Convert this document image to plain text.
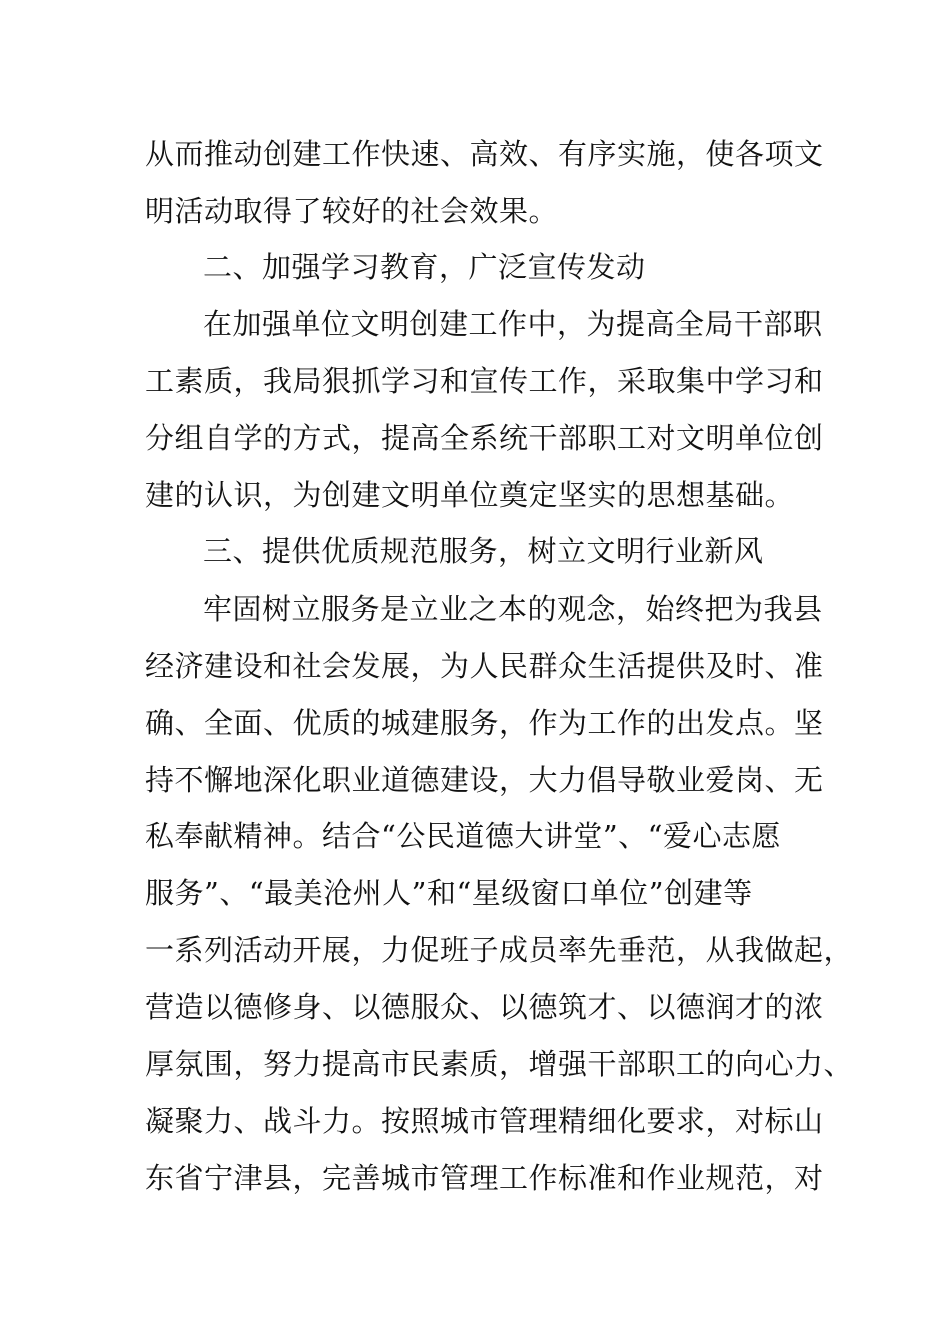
从而推动创建工作快速、高效、有序实施，使各项文
明活动取得了较好的社会效果。
二、加强学习教育，广泛宣传发动
在加强单位文明创建工作中，为提高全局干部职
工素质，我局狠抓学习和宣传工作，采取集中学习和
分组自学的方式，提高全系统干部职工对文明单位创
建的认识，为创建文明单位奠定坚实的思想基础。
三、提供优质规范服务，树立文明行业新风
牢固树立服务是立业之本的观念，始终把为我县
经济建设和社会发展，为人民群众生活提供及时、准
确、全面、优质的城建服务，作为工作的出发点。坚
持不懈地深化职业道德建设，大力倡导敬业爱岗、无
私奉献精神。结合“公民道德大讲堂”、“爱心志愿
服务”、“最美沧州人”和“星级窗口单位”创建等
一系列活动开展，力促班子成员率先垂范，从我做起，
营造以德修身、以德服众、以德筑才、以德润才的浓
厚氛围，努力提高市民素质，增强干部职工的向心力、
凝聚力、战斗力。按照城市管理精细化要求，对标山
东省宁津县，完善城市管理工作标准和作业规范，对
